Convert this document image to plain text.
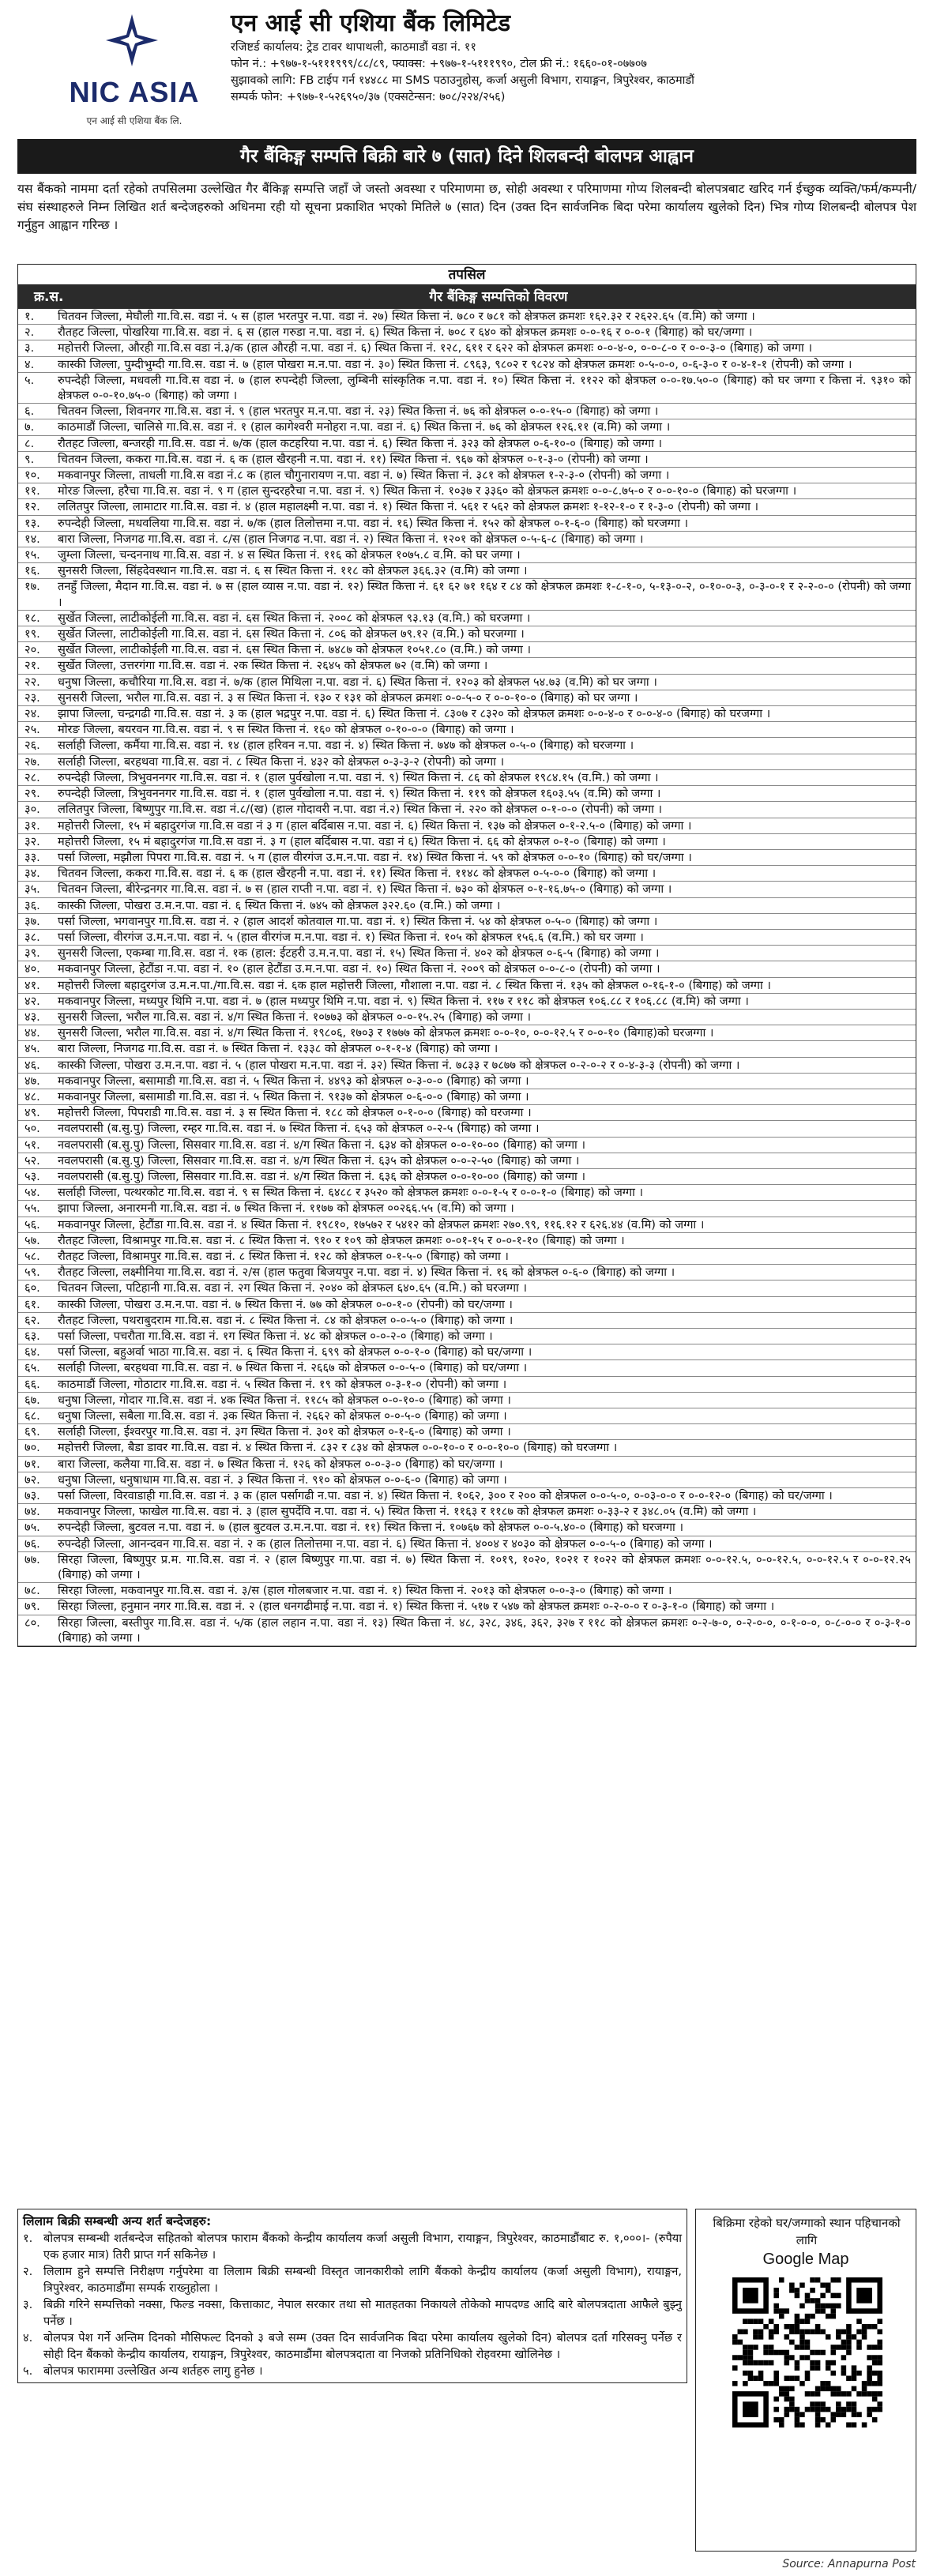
NIC ASIA
एन आई सी एशिया बैंक लि.
एन आई सी एशिया बैंक लिमिटेड
रजिष्टर्ड कार्यालय: ट्रेड टावर थापाथली, काठमाडौं वडा नं. ११
फोन नं.: +९७७-१-५१११९९९/८८/८९, फ्याक्स: +९७७-१-५१११९९०, टोल फ्री नं.: १६६०-०१-०७७०७
सुझावको लागि: FB टाईप गर्न १४४८८ मा SMS पठाउनुहोस्, कर्जा असुली विभाग, रायाङ्गन, त्रिपुरेश्वर, काठमाडौं
सम्पर्क फोन: +९७७-१-५२६९५०/३७ (एक्सटेन्सन: ७०८/२२४/२५६)
गैर बैंकिङ्ग सम्पत्ति बिक्री बारे ७ (सात) दिने शिलबन्दी बोलपत्र आह्वान
यस बैंकको नाममा दर्ता रहेको तपसिलमा उल्लेखित गैर बैंकिङ्ग सम्पत्ति जहाँ जे जस्तो अवस्था र परिमाणमा छ, सोही अवस्था र परिमाणमा गोप्य शिलबन्दी बोलपत्रबाट खरिद गर्न ईच्छुक व्यक्ति/फर्म/कम्पनी/संघ संस्थाहरुले निम्न लिखित शर्त बन्देजहरुको अधिनमा रही यो सूचना प्रकाशित भएको मितिले ७ (सात) दिन (उक्त दिन सार्वजनिक बिदा परेमा कार्यालय खुलेको दिन) भित्र गोप्य शिलबन्दी बोलपत्र पेश गर्नुहुन आह्वान गरिन्छ ।
तपसिल
क्र.स.	गैर बैंकिङ्ग सम्पत्तिको विवरण
१.	चितवन जिल्ला, मेघौली गा.वि.स. वडा नं. ५ स (हाल भरतपुर न.पा. वडा नं. २७) स्थित कित्ता नं. ७८० र ७८१ को क्षेत्रफल क्रमशः १६२.३२ र २६२२.६५ (व.मि) को जग्गा ।
२.	रौतहट जिल्ला, पोखरिया गा.वि.स. वडा नं. ६ स (हाल गरुडा न.पा. वडा नं. ६) स्थित कित्ता नं. ७०८ र ६४० को क्षेत्रफल क्रमशः ०-०-१६ र ०-०-१ (बिगाह) को घर/जग्गा ।
३.	महोत्तरी जिल्ला, औरही गा.वि.स वडा नं.३/क (हाल औरही न.पा. वडा नं. ६) स्थित कित्ता नं. १२८, ६११ र ६२२ को क्षेत्रफल क्रमशः ०-०-४-०, ०-०-८-० र ०-०-३-० (बिगाह) को जग्गा ।
४.	कास्की जिल्ला, पुम्दीभुम्दी गा.वि.स. वडा नं. ७ (हाल पोखरा म.न.पा. वडा नं. ३०) स्थित कित्ता नं. ८९६३, ९८०२ र ९८२४ को क्षेत्रफल क्रमशः ०-५-०-०, ०-६-३-० र ०-४-१-१ (रोपनी) को जग्गा ।
५.	रुपन्देही जिल्ला, मधवली गा.वि.स वडा नं. ७ (हाल रुपन्देही जिल्ला, लुम्बिनी सांस्कृतिक न.पा. वडा नं. १०) स्थित कित्ता नं. ११२२ को क्षेत्रफल ०-०-१७.५०-० (बिगाह) को घर जग्गा र कित्ता नं. ९३१० को क्षेत्रफल ०-०-१०.७५-० (बिगाह) को जग्गा ।
६.	चितवन जिल्ला, शिवनगर गा.वि.स. वडा नं. ९ (हाल भरतपुर म.न.पा. वडा नं. २३) स्थित कित्ता नं. ७६ को क्षेत्रफल ०-०-१५-० (बिगाह) को जग्गा ।
७.	काठमाडौं जिल्ला, चालिसे गा.वि.स. वडा नं. १ (हाल कागेश्वरी मनोहरा न.पा. वडा नं. ६) स्थित कित्ता नं. ७६ को क्षेत्रफल १२६.११ (व.मि) को जग्गा ।
८.	रौतहट जिल्ला, बन्जरही गा.वि.स. वडा नं. ७/क (हाल कटहरिया न.पा. वडा नं. ६) स्थित कित्ता नं. ३२३ को क्षेत्रफल ०-६-१०-० (बिगाह) को जग्गा ।
९.	चितवन जिल्ला, ककरा गा.वि.स. वडा नं. ६ क (हाल खैरहनी न.पा. वडा नं. ११) स्थित कित्ता नं. ९६७ को क्षेत्रफल ०-१-३-० (रोपनी) को जग्गा ।
१०.	मकवानपुर जिल्ला, ताधली गा.वि.स वडा नं.८ क (हाल चौगुनारायण न.पा. वडा नं. ७) स्थित कित्ता नं. ३८१ को क्षेत्रफल १-२-३-० (रोपनी) को जग्गा ।
११.	मोरङ जिल्ला, हरैचा गा.वि.स. वडा नं. ९ ग (हाल सुन्दरहरैचा न.पा. वडा नं. ९) स्थित कित्ता नं. १०३७ र ३३६० को क्षेत्रफल क्रमशः ०-०-८.७५-० र ०-०-१०-० (बिगाह) को घरजग्गा ।
१२.	ललितपुर जिल्ला, लामाटार गा.वि.स. वडा नं. ४ (हाल महालक्ष्मी न.पा. वडा नं. १) स्थित कित्ता नं. ५६१ र ५६२ को क्षेत्रफल क्रमशः १-१२-१-० र १-३-० (रोपनी) को जग्गा ।
१३.	रुपन्देही जिल्ला, मधवलिया गा.वि.स. वडा नं. ७/क (हाल तिलोत्तमा न.पा. वडा नं. १६) स्थित कित्ता नं. १५२ को क्षेत्रफल ०-१-६-० (बिगाह) को घरजग्गा ।
१४.	बारा जिल्ला, निजगढ गा.वि.स. वडा नं. ८/स (हाल निजगढ न.पा. वडा नं. २) स्थित कित्ता नं. १२०१ को क्षेत्रफल ०-५-६-८ (बिगाह) को जग्गा ।
१५.	जुम्ला जिल्ला, चन्दननाथ गा.वि.स. वडा नं. ४ स स्थित कित्ता नं. ११६ को क्षेत्रफल १०७५.८ व.मि. को घर जग्गा ।
१६.	सुनसरी जिल्ला, सिंहदेवस्थान गा.वि.स. वडा नं. ६ स स्थित कित्ता नं. ११८ को क्षेत्रफल ३६६.३२ (व.मि) को जग्गा ।
१७.	तनहुँ जिल्ला, मैदान गा.वि.स. वडा नं. ७ स (हाल व्यास न.पा. वडा नं. १२) स्थित कित्ता नं. ६१ ६२ ७१ १६४ र ८४ को क्षेत्रफल क्रमशः १-८-१-०, ५-१३-०-२, ०-१०-०-३, ०-३-०-१ र २-२-०-० (रोपनी) को जग्गा ।
१८.	सुर्खेत जिल्ला, लाटीकोईली गा.वि.स. वडा नं. ६स स्थित कित्ता नं. २००८ को क्षेत्रफल ९३.१३ (व.मि.) को घरजग्गा ।
१९.	सुर्खेत जिल्ला, लाटीकोईली गा.वि.स. वडा नं. ६स स्थित कित्ता नं. ८०६ को क्षेत्रफल ७९.१२ (व.मि.) को घरजग्गा ।
२०.	सुर्खेत जिल्ला, लाटीकोईली गा.वि.स. वडा नं. ६स स्थित कित्ता नं. ७४८७ को क्षेत्रफल १०५१.८० (व.मि.) को जग्गा ।
२१.	सुर्खेत जिल्ला, उत्तरगंगा गा.वि.स. वडा नं. २क स्थित कित्ता नं. २६४५ को क्षेत्रफल ७२ (व.मि) को जग्गा ।
२२.	धनुषा जिल्ला, कचौरिया गा.वि.स. वडा नं. ७/क (हाल मिथिला न.पा. वडा नं. ६) स्थित कित्ता नं. १२०३ को क्षेत्रफल ५४.७३ (व.मि) को घर जग्गा ।
२३.	सुनसरी जिल्ला, भरौल गा.वि.स. वडा नं. ३ स स्थित कित्ता नं. १३० र १३१ को क्षेत्रफल क्रमशः ०-०-५-० र ०-०-१०-० (बिगाह) को घर जग्गा ।
२४.	झापा जिल्ला, चन्द्रगढी गा.वि.स. वडा नं. ३ क (हाल भद्रपुर न.पा. वडा नं. ६) स्थित कित्ता नं. ८३०७ र ८३२० को क्षेत्रफल क्रमशः ०-०-४-० र ०-०-४-० (बिगाह) को घरजग्गा ।
२५.	मोरङ जिल्ला, बयरवन गा.वि.स. वडा नं. ९ स स्थित कित्ता नं. १६० को क्षेत्रफल ०-१०-०-० (बिगाह) को जग्गा ।
२६.	सर्लाही जिल्ला, कर्मैया गा.वि.स. वडा नं. १४ (हाल हरिवन न.पा. वडा नं. ४) स्थित कित्ता नं. ७४७ को क्षेत्रफल ०-५-० (बिगाह) को घरजग्गा ।
२७.	सर्लाही जिल्ला, बरहथवा गा.वि.स. वडा नं. ८ स्थित कित्ता नं. ४३२ को क्षेत्रफल ०-३-३-२ (रोपनी) को जग्गा ।
२८.	रुपन्देही जिल्ला, त्रिभुवननगर गा.वि.स. वडा नं. १ (हाल पुर्वखोला न.पा. वडा नं. ९) स्थित कित्ता नं. ८६ को क्षेत्रफल १९८४.१५ (व.मि.) को जग्गा ।
२९.	रुपन्देही जिल्ला, त्रिभुवननगर गा.वि.स. वडा नं. १ (हाल पुर्वखोला न.पा. वडा नं. ९) स्थित कित्ता नं. ११९ को क्षेत्रफल १६०३.५५ (व.मि) को जग्गा ।
३०.	ललितपुर जिल्ला, बिष्णुपुर गा.वि.स. वडा नं.८/(ख) (हाल गोदावरी न.पा. वडा नं.२) स्थित कित्ता नं. २२० को क्षेत्रफल ०-१-०-० (रोपनी) को जग्गा ।
३१.	महोत्तरी जिल्ला, १५ मं बहादुरगंज गा.वि.स वडा नं ३ ग (हाल बर्दिबास न.पा. वडा नं. ६) स्थित कित्ता नं. १३७ को क्षेत्रफल ०-१-२.५-० (बिगाह) को जग्गा ।
३२.	महोत्तरी जिल्ला, १५ मं बहादुरगंज गा.वि.स वडा नं. ३ ग (हाल बर्दिबास न.पा. वडा नं ६) स्थित कित्ता नं. ६६ को क्षेत्रफल ०-१-० (बिगाह) को जग्गा ।
३३.	पर्सा जिल्ला, मझौला पिपरा गा.वि.स. वडा नं. ५ ग (हाल वीरगंज उ.म.न.पा. वडा नं. १४) स्थित कित्ता नं. ५९ को क्षेत्रफल ०-०-१० (बिगाह) को घर/जग्गा ।
३४.	चितवन जिल्ला, ककरा गा.वि.स. वडा नं. ६ क (हाल खैरहनी न.पा. वडा नं. ११) स्थित कित्ता नं. ११४८ को क्षेत्रफल ०-५-०-० (बिगाह) को जग्गा ।
३५.	चितवन जिल्ला, बीरेन्द्रनगर गा.वि.स. वडा नं. ७ स (हाल राप्ती न.पा. वडा नं. १) स्थित कित्ता नं. ७३० को क्षेत्रफल ०-१-१६.७५-० (बिगाह) को जग्गा ।
३६.	कास्की जिल्ला, पोखरा उ.म.न.पा. वडा नं. ६ स्थित कित्ता नं. ७४५ को क्षेत्रफल ३२२.६० (व.मि.) को जग्गा ।
३७.	पर्सा जिल्ला, भगवानपुर गा.वि.स. वडा नं. २ (हाल आदर्श कोतवाल गा.पा. वडा नं. १) स्थित कित्ता नं. ५४ को क्षेत्रफल ०-५-० (बिगाह) को जग्गा ।
३८.	पर्सा जिल्ला, वीरगंज उ.म.न.पा. वडा नं. ५ (हाल वीरगंज म.न.पा. वडा नं. १) स्थित कित्ता नं. १०५ को क्षेत्रफल १५६.६ (व.मि.) को घर जग्गा ।
३९.	सुनसरी जिल्ला, एकम्बा गा.वि.स. वडा नं. १क (हाल: ईटहरी उ.म.न.पा. वडा नं. १५) स्थित कित्ता नं. ४०२ को क्षेत्रफल ०-६-५ (बिगाह) को जग्गा ।
४०.	मकवानपुर जिल्ला, हेटौंडा न.पा. वडा नं. १० (हाल हेटौंडा उ.म.न.पा. वडा नं. १०) स्थित कित्ता नं. २००९ को क्षेत्रफल ०-०-८-० (रोपनी) को जग्गा ।
४१.	महोत्तरी जिल्ला बहादुरगंज उ.म.न.पा./गा.वि.स. वडा नं. ६क हाल महोत्तरी जिल्ला, गौशाला न.पा. वडा नं. ८ स्थित कित्ता नं. १३५ को क्षेत्रफल ०-१६-१-० (बिगाह) को जग्गा ।
४२.	मकवानपुर जिल्ला, मध्यपुर थिमि न.पा. वडा नं. ७ (हाल मध्यपुर थिमि न.पा. वडा नं. ९) स्थित कित्ता नं. ११७ र ११८ को क्षेत्रफल १०६.८८ र १०६.८८ (व.मि) को जग्गा ।
४३.	सुनसरी जिल्ला, भरौल गा.वि.स. वडा नं. ४/ग स्थित कित्ता नं. १०७७३ को क्षेत्रफल ०-०-१५.२५ (बिगाह) को जग्गा ।
४४.	सुनसरी जिल्ला, भरौल गा.वि.स. वडा नं. ४/ग स्थित कित्ता नं. १९८०६, १७०३ र १७७७ को क्षेत्रफल क्रमशः ०-०-१०, ०-०-१२.५ र ०-०-१० (बिगाह)को घरजग्गा ।
४५.	बारा जिल्ला, निजगढ गा.वि.स. वडा नं. ७ स्थित कित्ता नं. १३३८ को क्षेत्रफल ०-१-१-४ (बिगाह) को जग्गा ।
४६.	कास्की जिल्ला, पोखरा उ.म.न.पा. वडा नं. ५ (हाल पोखरा म.न.पा. वडा नं. ३२) स्थित कित्ता नं. ७८३३ र ७८७७ को क्षेत्रफल ०-२-०-२ र ०-४-३-३ (रोपनी) को जग्गा ।
४७.	मकवानपुर जिल्ला, बसामाडी गा.वि.स. वडा नं. ५ स्थित कित्ता नं. ४४९३ को क्षेत्रफल ०-३-०-० (बिगाह) को जग्गा ।
४८.	मकवानपुर जिल्ला, बसामाडी गा.वि.स. वडा नं. ५ स्थित कित्ता नं. ९१३७ को क्षेत्रफल ०-६-०-० (बिगाह) को जग्गा ।
४९.	महोत्तरी जिल्ला, पिपराडी गा.वि.स. वडा नं. ३ स स्थित कित्ता नं. १८८ को क्षेत्रफल ०-१-०-० (बिगाह) को घरजग्गा ।
५०.	नवलपरासी (ब.सु.पु) जिल्ला, रम्हर गा.वि.स. वडा नं. ७ स्थित कित्ता नं. ६५३ को क्षेत्रफल ०-२-५ (बिगाह) को जग्गा ।
५१.	नवलपरासी (ब.सु.पु) जिल्ला, सिसवार गा.वि.स. वडा नं. ४/ग स्थित कित्ता नं. ६३४ को क्षेत्रफल ०-०-१०-०० (बिगाह) को जग्गा ।
५२.	नवलपरासी (ब.सु.पु) जिल्ला, सिसवार गा.वि.स. वडा नं. ४/ग स्थित कित्ता नं. ६३५ को क्षेत्रफल ०-०-२-५० (बिगाह) को जग्गा ।
५३.	नवलपरासी (ब.सु.पु) जिल्ला, सिसवार गा.वि.स. वडा नं. ४/ग स्थित कित्ता नं. ६३६ को क्षेत्रफल ०-०-१०-०० (बिगाह) को जग्गा ।
५४.	सर्लाही जिल्ला, पत्थरकोट गा.वि.स. वडा नं. ९ स स्थित कित्ता नं. ६४८८ र ३५२० को क्षेत्रफल क्रमशः ०-०-१-५ र ०-०-१-० (बिगाह) को जग्गा ।
५५.	झापा जिल्ला, अनारमनी गा.वि.स. वडा नं. ७ स्थित कित्ता नं. ११७७ को क्षेत्रफल ००२६६.५५ (व.मि) को जग्गा ।
५६.	मकवानपुर जिल्ला, हेटौंडा गा.वि.स. वडा नं. ४ स्थित कित्ता नं. १९८१०, १७५७२ र ५४१२ को क्षेत्रफल क्रमशः २७०.९९, ११६.१२ र ६२६.४४ (व.मि) को जग्गा ।
५७.	रौतहट जिल्ला, विश्रामपुर गा.वि.स. वडा नं. ८ स्थित कित्ता नं. ९१० र १०९ को क्षेत्रफल क्रमशः ०-०१-१५ र ०-०-१-१० (बिगाह) को जग्गा ।
५८.	रौतहट जिल्ला, विश्रामपुर गा.वि.स. वडा नं. ८ स्थित कित्ता नं. १२८ को क्षेत्रफल ०-१-५-० (बिगाह) को जग्गा ।
५९.	रौतहट जिल्ला, लक्ष्मीनिया गा.वि.स. वडा नं. २/स (हाल फतुवा बिजयपुर न.पा. वडा नं. ४) स्थित कित्ता नं. १६ को क्षेत्रफल ०-६-० (बिगाह) को जग्गा ।
६०.	चितवन जिल्ला, पटिहानी गा.वि.स. वडा नं. २ग स्थित कित्ता नं. २०४० को क्षेत्रफल ६४०.६५ (व.मि.) को घरजग्गा ।
६१.	कास्की जिल्ला, पोखरा उ.म.न.पा. वडा नं. ७ स्थित कित्ता नं. ७७ को क्षेत्रफल ०-०-१-० (रोपनी) को घर/जग्गा ।
६२.	रौतहट जिल्ला, पथराबुदराम गा.वि.स. वडा नं. ८ स्थित कित्ता नं. ८४ को क्षेत्रफल ०-०-५-० (बिगाह) को जग्गा ।
६३.	पर्सा जिल्ला, पचरौता गा.वि.स. वडा नं. १ग स्थित कित्ता नं. ४८ को क्षेत्रफल ०-०-२-० (बिगाह) को जग्गा ।
६४.	पर्सा जिल्ला, बहुअर्वा भाठा गा.वि.स. वडा नं. ६ स्थित कित्ता नं. ६९९ को क्षेत्रफल ०-०-१-० (बिगाह) को घर/जग्गा ।
६५.	सर्लाही जिल्ला, बरहथवा गा.वि.स. वडा नं. ७ स्थित कित्ता नं. २६६७ को क्षेत्रफल ०-०-५-० (बिगाह) को घर/जग्गा ।
६६.	काठमाडौं जिल्ला, गोठाटार गा.वि.स. वडा नं. ५ स्थित कित्ता नं. १९ को क्षेत्रफल ०-३-१-० (रोपनी) को जग्गा ।
६७.	धनुषा जिल्ला, गोदार गा.वि.स. वडा नं. ४क स्थित कित्ता नं. ११८५ को क्षेत्रफल ०-०-१०-० (बिगाह) को जग्गा ।
६८.	धनुषा जिल्ला, सबैला गा.वि.स. वडा नं. ३क स्थित कित्ता नं. २६६२ को क्षेत्रफल ०-०-५-० (बिगाह) को जग्गा ।
६९.	सर्लाही जिल्ला, ईश्वरपुर गा.वि.स. वडा नं. ३ग स्थित कित्ता नं. ३०१ को क्षेत्रफल ०-१-६-० (बिगाह) को जग्गा ।
७०.	महोत्तरी जिल्ला, बैडा डावर गा.वि.स. वडा नं. ४ स्थित कित्ता नं. ८३२ र ८३४ को क्षेत्रफल ०-०-१०-० र ०-०-१०-० (बिगाह) को घरजग्गा ।
७१.	बारा जिल्ला, कलैया गा.वि.स. वडा नं. ७ स्थित कित्ता नं. १२६ को क्षेत्रफल ०-०-३-० (बिगाह) को घर/जग्गा ।
७२.	धनुषा जिल्ला, धनुषाधाम गा.वि.स. वडा नं. ३ स्थित कित्ता नं. ९१० को क्षेत्रफल ०-०-६-० (बिगाह) को जग्गा ।
७३.	पर्सा जिल्ला, विरवाडाही गा.वि.स. वडा नं. ३ क (हाल पर्सागढी न.पा. वडा नं. ४) स्थित कित्ता नं. १०६२, ३०० र २०० को क्षेत्रफल ०-०-५-०, ०-०३-०-० र ०-०-१२-० (बिगाह) को घर/जग्गा ।
७४.	मकवानपुर जिल्ला, फाखेल गा.वि.स. वडा नं. ३ (हाल सुपर्देवि न.पा. वडा नं. ५) स्थित कित्ता नं. ११६३ र ११८७ को क्षेत्रफल क्रमशः ०-३३-२ र ३४८.०५ (व.मि) को जग्गा ।
७५.	रुपन्देही जिल्ला, बुटवल न.पा. वडा नं. ७ (हाल बुटवल उ.म.न.पा. वडा नं. ११) स्थित कित्ता नं. १०७६७ को क्षेत्रफल ०-०-५.४०-० (बिगाह) को घरजग्गा ।
७६.	रुपन्देही जिल्ला, आनन्दवन गा.वि.स. वडा नं. २ क (हाल तिलोत्तमा न.पा. वडा नं. ६) स्थित कित्ता नं. ४००४ र ४०३० को क्षेत्रफल ०-०-५-० (बिगाह) को जग्गा ।
७७.	सिरहा जिल्ला, बिष्णुपुर प्र.म. गा.वि.स. वडा नं. २ (हाल बिष्णुपुर गा.पा. वडा नं. ७) स्थित कित्ता नं. १०१९, १०२०, १०२१ र १०२२ को क्षेत्रफल क्रमशः ०-०-१२.५, ०-०-१२.५, ०-०-१२.५ र ०-०-१२.२५ (बिगाह) को जग्गा ।
७८.	सिरहा जिल्ला, मकवानपुर गा.वि.स. वडा नं. ३/स (हाल गोलबजार न.पा. वडा नं. १) स्थित कित्ता नं. २०१३ को क्षेत्रफल ०-०-३-० (बिगाह) को जग्गा ।
७९.	सिरहा जिल्ला, हनुमान नगर गा.वि.स. वडा नं. २ (हाल धनगढीमाई न.पा. वडा नं. १) स्थित कित्ता नं. ५१७ र ५४७ को क्षेत्रफल क्रमशः ०-२-०-० र ०-३-१-० (बिगाह) को जग्गा ।
८०.	सिरहा जिल्ला, बस्तीपुर गा.वि.स. वडा नं. ५/क (हाल लहान न.पा. वडा नं. १३) स्थित कित्ता नं. ४८, ३२८, ३४६, ३६२, ३२७ र ११८ को क्षेत्रफल क्रमशः ०-२-७-०, ०-२-०-०, ०-१-०-०, ०-८-०-० र ०-३-१-० (बिगाह) को जग्गा ।
लिलाम बिक्री सम्बन्धी अन्य शर्त बन्देजहरु:
१. बोलपत्र सम्बन्धी शर्तबन्देज सहितको बोलपत्र फाराम बैंकको केन्द्रीय कार्यालय कर्जा असुली विभाग, रायाङ्गन, त्रिपुरेश्वर, काठमाडौंबाट रु. १,०००।- (रुपैया एक हजार मात्र) तिरी प्राप्त गर्न सकिनेछ ।
२. लिलाम हुने सम्पत्ति निरीक्षण गर्नुपरेमा वा लिलाम बिक्री सम्बन्धी विस्तृत जानकारीको लागि बैंकको केन्द्रीय कार्यालय (कर्जा असुली विभाग), रायाङ्गन, त्रिपुरेश्वर, काठमाडौंमा सम्पर्क राख्नुहोला ।
३. बिक्री गरिने सम्पत्तिको नक्सा, फिल्ड नक्सा, कित्ताकाट, नेपाल सरकार तथा सो मातहतका निकायले तोकेको मापदण्ड आदि बारे बोलपत्रदाता आफैले बुझ्नु पर्नेछ ।
४. बोलपत्र पेश गर्ने अन्तिम दिनको मौसिफल्ट दिनको ३ बजे सम्म (उक्त दिन सार्वजनिक बिदा परेमा कार्यालय खुलेको दिन) बोलपत्र दर्ता गरिसक्नु पर्नेछ र सोही दिन बैंकको केन्द्रीय कार्यालय, रायाङ्गन, त्रिपुरेश्वर, काठमाडौंमा बोलपत्रदाता वा निजको प्रतिनिधिको रोहवरमा खोलिनेछ ।
५. बोलपत्र फाराममा उल्लेखित अन्य शर्तहरु लागु हुनेछ ।
बिक्रिमा रहेको घर/जग्गाको स्थान पहिचानको लागि
Google Map
Source: Annapurna Post
